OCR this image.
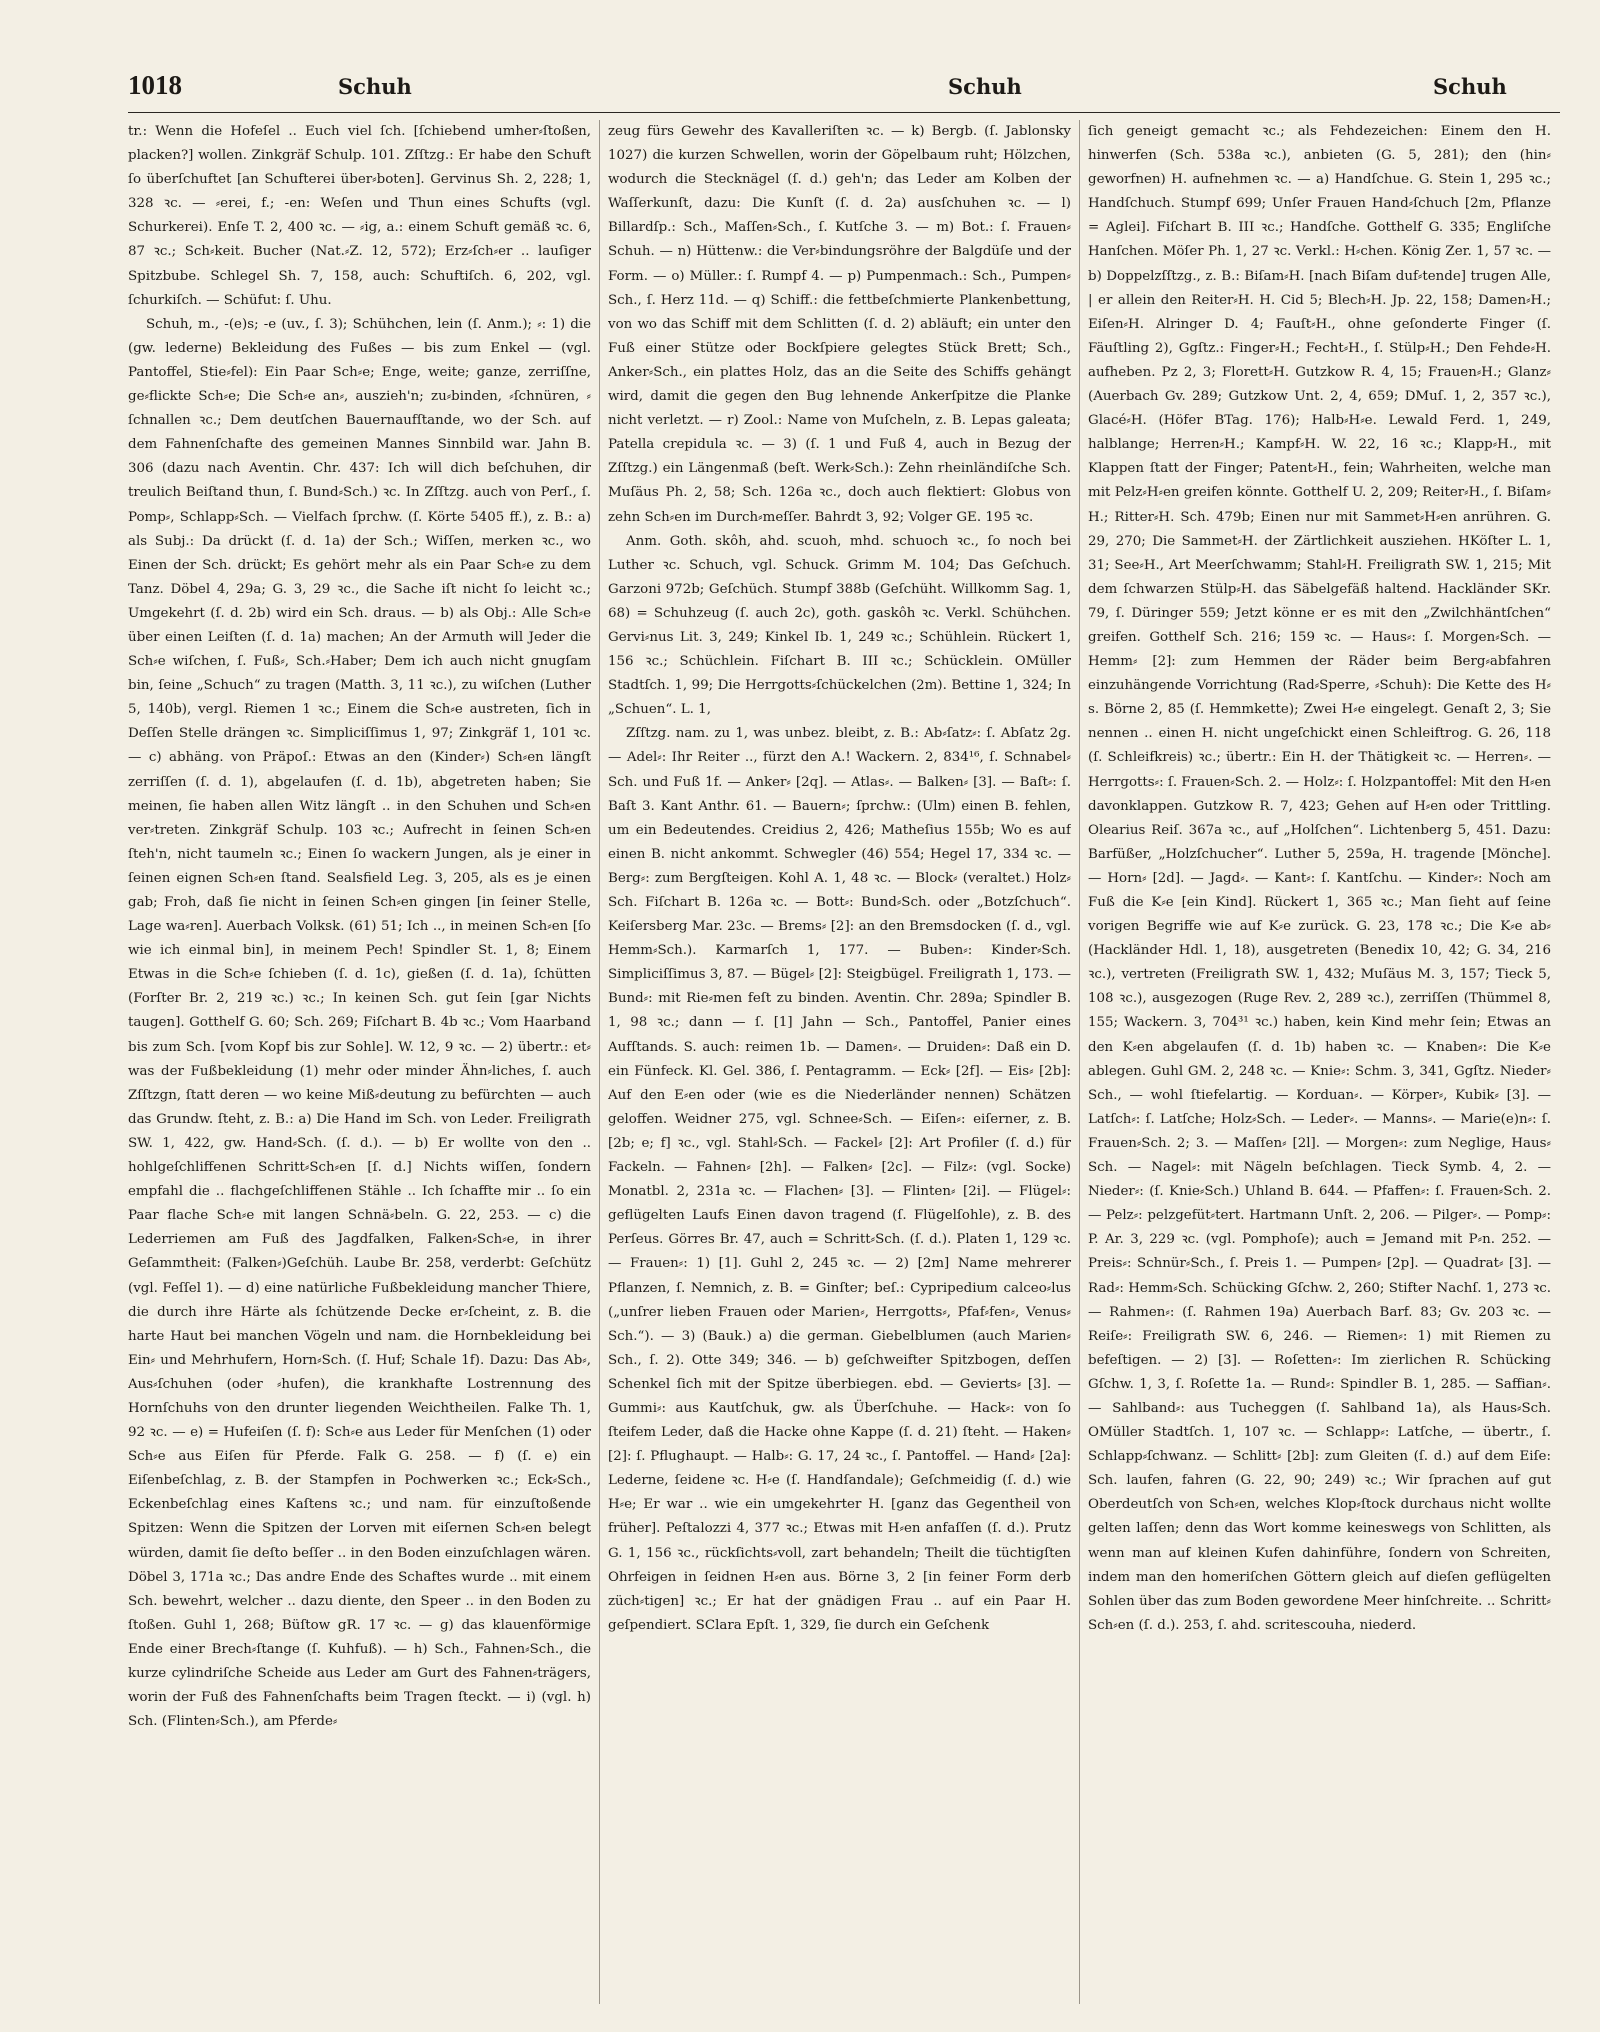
1018	Schuh	Schuh	Schuh

tr.: Wenn die Hofeſel .. Euch viel ſch. [ſchiebend umher⸗ſtoßen, placken?] wollen. Zinkgräf Schulp. 101. Zſſtzg.: Er habe den Schuft ſo überſchuftet [an Schufterei über⸗boten]. Gervinus Sh. 2, 228; 1, 328 ꝛc. — ⸗erei, f.; -en: Weſen und Thun eines Schufts (vgl. Schurkerei). Enſe T. 2, 400 ꝛc. — ⸗ig, a.: einem Schuft gemäß ꝛc. 6, 87 ꝛc.; Sch⸗keit. Bucher (Nat.⸗Z. 12, 572); Erz⸗ſch⸗er .. lauſiger Spitzbube. Schlegel Sh. 7, 158, auch: Schuftiſch. 6, 202, vgl. ſchurkiſch. — Schüfut: ſ. Uhu.

Schuh, m., -(e)s; -e (uv., ſ. 3); Schühchen, lein (ſ. Anm.); ⸗: 1) die (gw. lederne) Bekleidung des Fußes — bis zum Enkel — (vgl. Pantoffel, Stie⸗fel): Ein Paar Sch⸗e; Enge, weite; ganze, zerriſſne, ge⸗flickte Sch⸗e; Die Sch⸗e an⸗, auszieh'n; zu⸗binden, ⸗ſchnüren, ⸗ſchnallen ꝛc.; Dem deutſchen Bauernaufſtande, wo der Sch. auf dem Fahnenſchafte des gemeinen Mannes Sinnbild war. Jahn B. 306 (dazu nach Aventin. Chr. 437: Ich will dich beſchuhen, dir treulich Beiſtand thun, ſ. Bund⸗Sch.) ꝛc. In Zſſtzg. auch von Perſ., ſ. Pomp⸗, Schlapp⸗Sch. — Vielfach ſprchw. (ſ. Körte 5405 ff.), z. B.: a) als Subj.: Da drückt (ſ. d. 1a) der Sch.; Wiſſen, merken ꝛc., wo Einen der Sch. drückt; Es gehört mehr als ein Paar Sch⸗e zu dem Tanz. Döbel 4, 29a; G. 3, 29 ꝛc., die Sache iſt nicht ſo leicht ꝛc.; Umgekehrt (ſ. d. 2b) wird ein Sch. draus. — b) als Obj.: Alle Sch⸗e über einen Leiſten (ſ. d. 1a) machen; An der Armuth will Jeder die Sch⸗e wiſchen, ſ. Fuß⸗, Sch.⸗Haber; Dem ich auch nicht gnugſam bin, ſeine „Schuch“ zu tragen (Matth. 3, 11 ꝛc.), zu wiſchen (Luther 5, 140b), vergl. Riemen 1 ꝛc.; Einem die Sch⸗e austreten, ſich in Deſſen Stelle drängen ꝛc. Simpliciſſimus 1, 97; Zinkgräf 1, 101 ꝛc. — c) abhäng. von Präpoſ.: Etwas an den (Kinder⸗) Sch⸗en längſt zerriſſen (ſ. d. 1), abgelaufen (ſ. d. 1b), abgetreten haben; Sie meinen, ſie haben allen Witz längſt .. in den Schuhen und Sch⸗en ver⸗treten. Zinkgräf Schulp. 103 ꝛc.; Aufrecht in ſeinen Sch⸗en ſteh'n, nicht taumeln ꝛc.; Einen ſo wackern Jungen, als je einer in ſeinen eignen Sch⸗en ſtand. Sealsfield Leg. 3, 205, als es je einen gab; Froh, daß ſie nicht in ſeinen Sch⸗en gingen [in ſeiner Stelle, Lage wa⸗ren]. Auerbach Volksk. (61) 51; Ich .., in meinen Sch⸗en [ſo wie ich einmal bin], in meinem Pech! Spindler St. 1, 8; Einem Etwas in die Sch⸗e ſchieben (ſ. d. 1c), gießen (ſ. d. 1a), ſchütten (Forſter Br. 2, 219 ꝛc.) ꝛc.; In keinen Sch. gut ſein [gar Nichts taugen]. Gotthelf G. 60; Sch. 269; Fiſchart B. 4b ꝛc.; Vom Haarband bis zum Sch. [vom Kopf bis zur Sohle]. W. 12, 9 ꝛc. — 2) übertr.: et⸗was der Fußbekleidung (1) mehr oder minder Ähn⸗liches, ſ. auch Zſſtzgn, ſtatt deren — wo keine Miß⸗deutung zu befürchten — auch das Grundw. ſteht, z. B.: a) Die Hand im Sch. von Leder. Freiligrath SW. 1, 422, gw. Hand⸗Sch. (ſ. d.). — b) Er wollte von den .. hohlgeſchliffenen Schritt⸗Sch⸗en [ſ. d.] Nichts wiſſen, ſondern empfahl die .. flachgeſchliffenen Stähle .. Ich ſchaffte mir .. ſo ein Paar flache Sch⸗e mit langen Schnä⸗beln. G. 22, 253. — c) die Lederriemen am Fuß des Jagdfalken, Falken⸗Sch⸗e, in ihrer Geſammtheit: (Falken⸗)Geſchüh. Laube Br. 258, verderbt: Geſchütz (vgl. Feſſel 1). — d) eine natürliche Fußbekleidung mancher Thiere, die durch ihre Härte als ſchützende Decke er⸗ſcheint, z. B. die harte Haut bei manchen Vögeln und nam. die Hornbekleidung bei Ein⸗ und Mehrhufern, Horn⸗Sch. (ſ. Huf; Schale 1f). Dazu: Das Ab⸗, Aus⸗ſchuhen (oder ⸗hufen), die krankhafte Lostrennung des Hornſchuhs von den drunter liegenden Weichtheilen. Falke Th. 1, 92 ꝛc. — e) = Hufeiſen (ſ. f): Sch⸗e aus Leder für Menſchen (1) oder Sch⸗e aus Eiſen für Pferde. Falk G. 258. — f) (ſ. e) ein Eiſenbeſchlag, z. B. der Stampfen in Pochwerken ꝛc.; Eck⸗Sch., Eckenbeſchlag eines Kaſtens ꝛc.; und nam. für einzuſtoßende Spitzen: Wenn die Spitzen der Lorven mit eiſernen Sch⸗en belegt würden, damit ſie deſto beſſer .. in den Boden einzuſchlagen wären. Döbel 3, 171a ꝛc.; Das andre Ende des Schaftes wurde .. mit einem Sch. bewehrt, welcher .. dazu diente, den Speer .. in den Boden zu ſtoßen. Guhl 1, 268; Büſtow gR. 17 ꝛc. — g) das klauenförmige Ende einer Brech⸗ſtange (ſ. Kuhfuß). — h) Sch., Fahnen⸗Sch., die kurze cylindriſche Scheide aus Leder am Gurt des Fahnen⸗trägers, worin der Fuß des Fahnenſchafts beim Tragen ſteckt. — i) (vgl. h) Sch. (Flinten⸗Sch.), am Pferde⸗

zeug fürs Gewehr des Kavalleriſten ꝛc. — k) Bergb. (ſ. Jablonsky 1027) die kurzen Schwellen, worin der Göpelbaum ruht; Hölzchen, wodurch die Stecknägel (ſ. d.) geh'n; das Leder am Kolben der Waſſerkunſt, dazu: Die Kunſt (ſ. d. 2a) ausſchuhen ꝛc. — l) Billardſp.: Sch., Maſſen⸗Sch., ſ. Kutſche 3. — m) Bot.: ſ. Frauen⸗Schuh. — n) Hüttenw.: die Ver⸗bindungsröhre der Balgdüſe und der Form. — o) Müller.: ſ. Rumpf 4. — p) Pumpenmach.: Sch., Pumpen⸗Sch., ſ. Herz 11d. — q) Schiff.: die fettbeſchmierte Plankenbettung, von wo das Schiff mit dem Schlitten (ſ. d. 2) abläuft; ein unter den Fuß einer Stütze oder Bockſpiere gelegtes Stück Brett; Sch., Anker⸗Sch., ein plattes Holz, das an die Seite des Schiffs gehängt wird, damit die gegen den Bug lehnende Ankerſpitze die Planke nicht verletzt. — r) Zool.: Name von Muſcheln, z. B. Lepas galeata; Patella crepidula ꝛc. — 3) (ſ. 1 und Fuß 4, auch in Bezug der Zſſtzg.) ein Längenmaß (beſt. Werk⸗Sch.): Zehn rheinländiſche Sch. Muſäus Ph. 2, 58; Sch. 126a ꝛc., doch auch flektiert: Globus von zehn Sch⸗en im Durch⸗meſſer. Bahrdt 3, 92; Volger GE. 195 ꝛc.

Anm. Goth. skôh, ahd. scuoh, mhd. schuoch ꝛc., ſo noch bei Luther ꝛc. Schuch, vgl. Schuck. Grimm M. 104; Das Geſchuch. Garzoni 972b; Geſchüch. Stumpf 388b (Geſchüht. Willkomm Sag. 1, 68) = Schuhzeug (ſ. auch 2c), goth. gaskôh ꝛc. Verkl. Schühchen. Gervi⸗nus Lit. 3, 249; Kinkel Ib. 1, 249 ꝛc.; Schühlein. Rückert 1, 156 ꝛc.; Schüchlein. Fiſchart B. III ꝛc.; Schücklein. OMüller Stadtſch. 1, 99; Die Herrgotts⸗ſchückelchen (2m). Bettine 1, 324; In „Schuen“. L. 1,

Zſſtzg. nam. zu 1, was unbez. bleibt, z. B.: Ab⸗ſatz⸗: ſ. Abſatz 2g. — Adel⸗: Ihr Reiter .., fürzt den A.! Wackern. 2, 834¹⁶, ſ. Schnabel⸗Sch. und Fuß 1f. — Anker⸗ [2q]. — Atlas⸗. — Balken⸗ [3]. — Baſt⸗: ſ. Baſt 3. Kant Anthr. 61. — Bauern⸗; ſprchw.: (Ulm) einen B. fehlen, um ein Bedeutendes. Creidius 2, 426; Matheſius 155b; Wo es auf einen B. nicht ankommt. Schwegler (46) 554; Hegel 17, 334 ꝛc. — Berg⸗: zum Bergſteigen. Kohl A. 1, 48 ꝛc. — Block⸗ (veraltet.) Holz⸗Sch. Fiſchart B. 126a ꝛc. — Bott⸗: Bund⸗Sch. oder „Botzſchuch“. Keiſersberg Mar. 23c. — Brems⸗ [2]: an den Bremsdocken (ſ. d., vgl. Hemm⸗Sch.). Karmarſch 1, 177. — Buben⸗: Kinder⸗Sch. Simpliciſſimus 3, 87. — Bügel⸗ [2]: Steigbügel. Freiligrath 1, 173. — Bund⸗: mit Rie⸗men feſt zu binden. Aventin. Chr. 289a; Spindler B. 1, 98 ꝛc.; dann — ſ. [1] Jahn — Sch., Pantoffel, Panier eines Aufſtands. S. auch: reimen 1b. — Damen⸗. — Druiden⸗: Daß ein D. ein Fünfeck. Kl. Gel. 386, ſ. Pentagramm. — Eck⸗ [2f]. — Eis⸗ [2b]: Auf den E⸗en oder (wie es die Niederländer nennen) Schätzen geloffen. Weidner 275, vgl. Schnee⸗Sch. — Eiſen⸗: eiſerner, z. B. [2b; e; f] ꝛc., vgl. Stahl⸗Sch. — Fackel⸗ [2]: Art Profiler (ſ. d.) für Fackeln. — Fahnen⸗ [2h]. — Falken⸗ [2c]. — Filz⸗: (vgl. Socke) Monatbl. 2, 231a ꝛc. — Flachen⸗ [3]. — Flinten⸗ [2i]. — Flügel⸗: geflügelten Laufs Einen davon tragend (ſ. Flügelſohle), z. B. des Perſeus. Görres Br. 47, auch = Schritt⸗Sch. (ſ. d.). Platen 1, 129 ꝛc. — Frauen⸗: 1) [1]. Guhl 2, 245 ꝛc. — 2) [2m] Name mehrerer Pflanzen, ſ. Nemnich, z. B. = Ginſter; beſ.: Cypripedium calceo⸗lus („unſrer lieben Frauen oder Marien⸗, Herrgotts⸗, Pfaf⸗fen⸗, Venus⸗Sch.“). — 3) (Bauk.) a) die german. Giebelblumen (auch Marien⸗Sch., ſ. 2). Otte 349; 346. — b) geſchweifter Spitzbogen, deſſen Schenkel ſich mit der Spitze überbiegen. ebd. — Gevierts⸗ [3]. — Gummi⸗: aus Kautſchuk, gw. als Überſchuhe. — Hack⸗: von ſo ſteifem Leder, daß die Hacke ohne Kappe (ſ. d. 21) ſteht. — Haken⸗ [2]: ſ. Pflughaupt. — Halb⸗: G. 17, 24 ꝛc., ſ. Pantoffel. — Hand⸗ [2a]: Lederne, ſeidene ꝛc. H⸗e (ſ. Handſandale); Geſchmeidig (ſ. d.) wie H⸗e; Er war .. wie ein umgekehrter H. [ganz das Gegentheil von früher]. Peſtalozzi 4, 377 ꝛc.; Etwas mit H⸗en anfaſſen (ſ. d.). Prutz G. 1, 156 ꝛc., rückſichts⸗voll, zart behandeln; Theilt die tüchtigſten Ohrfeigen in ſeidnen H⸗en aus. Börne 3, 2 [in feiner Form derb züch⸗tigen] ꝛc.; Er hat der gnädigen Frau .. auf ein Paar H. geſpendiert. SClara Epſt. 1, 329, ſie durch ein Geſchenk

ſich geneigt gemacht ꝛc.; als Fehdezeichen: Einem den H. hinwerfen (Sch. 538a ꝛc.), anbieten (G. 5, 281); den (hin⸗geworfnen) H. aufnehmen ꝛc. — a) Handſchue. G. Stein 1, 295 ꝛc.; Handſchuch. Stumpf 699; Unſer Frauen Hand⸗ſchuch [2m, Pflanze = Aglei]. Fiſchart B. III ꝛc.; Handſche. Gotthelf G. 335; Engliſche Hanſchen. Möſer Ph. 1, 27 ꝛc. Verkl.: H⸗chen. König Zer. 1, 57 ꝛc. — b) Doppelzſſtzg., z. B.: Biſam⸗H. [nach Biſam duf⸗tende] trugen Alle, | er allein den Reiter⸗H. H. Cid 5; Blech⸗H. Jp. 22, 158; Damen⸗H.; Eiſen⸗H. Alringer D. 4; Fauſt⸗H., ohne geſonderte Finger (ſ. Fäuſtling 2), Ggſtz.: Finger⸗H.; Fecht⸗H., ſ. Stülp⸗H.; Den Fehde⸗H. aufheben. Pz 2, 3; Florett⸗H. Gutzkow R. 4, 15; Frauen⸗H.; Glanz⸗ (Auerbach Gv. 289; Gutzkow Unt. 2, 4, 659; DMuſ. 1, 2, 357 ꝛc.), Glacé⸗H. (Höfer BTag. 176); Halb⸗H⸗e. Lewald Ferd. 1, 249, halblange; Herren⸗H.; Kampf⸗H. W. 22, 16 ꝛc.; Klapp⸗H., mit Klappen ſtatt der Finger; Patent⸗H., fein; Wahrheiten, welche man mit Pelz⸗H⸗en greifen könnte. Gotthelf U. 2, 209; Reiter⸗H., ſ. Biſam⸗H.; Ritter⸗H. Sch. 479b; Einen nur mit Sammet⸗H⸗en anrühren. G. 29, 270; Die Sammet⸗H. der Zärtlichkeit ausziehen. HKöſter L. 1, 31; See⸗H., Art Meerſchwamm; Stahl⸗H. Freiligrath SW. 1, 215; Mit dem ſchwarzen Stülp⸗H. das Säbelgefäß haltend. Hackländer SKr. 79, ſ. Düringer 559; Jetzt könne er es mit den „Zwilchhäntſchen“ greifen. Gotthelf Sch. 216; 159 ꝛc. — Haus⸗: ſ. Morgen⸗Sch. — Hemm⸗ [2]: zum Hemmen der Räder beim Berg⸗abfahren einzuhängende Vorrichtung (Rad⸗Sperre, ⸗Schuh): Die Kette des H⸗s. Börne 2, 85 (ſ. Hemmkette); Zwei H⸗e eingelegt. Genaſt 2, 3; Sie nennen .. einen H. nicht ungeſchickt einen Schleiftrog. G. 26, 118 (ſ. Schleifkreis) ꝛc.; übertr.: Ein H. der Thätigkeit ꝛc. — Herren⸗. — Herrgotts⸗: ſ. Frauen⸗Sch. 2. — Holz⸗: ſ. Holzpantoffel: Mit den H⸗en davonklappen. Gutzkow R. 7, 423; Gehen auf H⸗en oder Trittling. Olearius Reiſ. 367a ꝛc., auf „Holſchen“. Lichtenberg 5, 451. Dazu: Barfüßer, „Holzſchucher“. Luther 5, 259a, H. tragende [Mönche]. — Horn⸗ [2d]. — Jagd⸗. — Kant⸗: ſ. Kantſchu. — Kinder⸗: Noch am Fuß die K⸗e [ein Kind]. Rückert 1, 365 ꝛc.; Man ſieht auf ſeine vorigen Begriffe wie auf K⸗e zurück. G. 23, 178 ꝛc.; Die K⸗e ab⸗ (Hackländer Hdl. 1, 18), ausgetreten (Benedix 10, 42; G. 34, 216 ꝛc.), vertreten (Freiligrath SW. 1, 432; Muſäus M. 3, 157; Tieck 5, 108 ꝛc.), ausgezogen (Ruge Rev. 2, 289 ꝛc.), zerriſſen (Thümmel 8, 155; Wackern. 3, 704³¹ ꝛc.) haben, kein Kind mehr ſein; Etwas an den K⸗en abgelaufen (ſ. d. 1b) haben ꝛc. — Knaben⸗: Die K⸗e ablegen. Guhl GM. 2, 248 ꝛc. — Knie⸗: Schm. 3, 341, Ggſtz. Nieder⸗Sch., — wohl ſtiefelartig. — Korduan⸗. — Körper⸗, Kubik⸗ [3]. — Latſch⸗: ſ. Latſche; Holz⸗Sch. — Leder⸗. — Manns⸗. — Marie(e)n⸗: ſ. Frauen⸗Sch. 2; 3. — Maſſen⸗ [2l]. — Morgen⸗: zum Neglige, Haus⸗Sch. — Nagel⸗: mit Nägeln beſchlagen. Tieck Symb. 4, 2. — Nieder⸗: (ſ. Knie⸗Sch.) Uhland B. 644. — Pfaffen⸗: ſ. Frauen⸗Sch. 2. — Pelz⸗: pelzgefüt⸗tert. Hartmann Unſt. 2, 206. — Pilger⸗. — Pomp⸗: P. Ar. 3, 229 ꝛc. (vgl. Pomphoſe); auch = Jemand mit P⸗n. 252. — Preis⸗: Schnür⸗Sch., ſ. Preis 1. — Pumpen⸗ [2p]. — Quadrat⸗ [3]. — Rad⸗: Hemm⸗Sch. Schücking Gſchw. 2, 260; Stifter Nachſ. 1, 273 ꝛc. — Rahmen⸗: (ſ. Rahmen 19a) Auerbach Barf. 83; Gv. 203 ꝛc. — Reiſe⸗: Freiligrath SW. 6, 246. — Riemen⸗: 1) mit Riemen zu befeſtigen. — 2) [3]. — Roſetten⸗: Im zierlichen R. Schücking Gſchw. 1, 3, ſ. Roſette 1a. — Rund⸗: Spindler B. 1, 285. — Saffian⸗. — Sahlband⸗: aus Tucheggen (ſ. Sahlband 1a), als Haus⸗Sch. OMüller Stadtſch. 1, 107 ꝛc. — Schlapp⸗: Latſche, — übertr., ſ. Schlapp⸗ſchwanz. — Schlitt⸗ [2b]: zum Gleiten (ſ. d.) auf dem Eiſe: Sch. laufen, fahren (G. 22, 90; 249) ꝛc.; Wir ſprachen auf gut Oberdeutſch von Sch⸗en, welches Klop⸗ſtock durchaus nicht wollte gelten laſſen; denn das Wort komme keineswegs von Schlitten, als wenn man auf kleinen Kufen dahinführe, ſondern von Schreiten, indem man den homeriſchen Göttern gleich auf dieſen geflügelten Sohlen über das zum Boden gewordene Meer hinſchreite. .. Schritt⸗Sch⸗en (ſ. d.). 253, ſ. ahd. scritescouha, niederd.
